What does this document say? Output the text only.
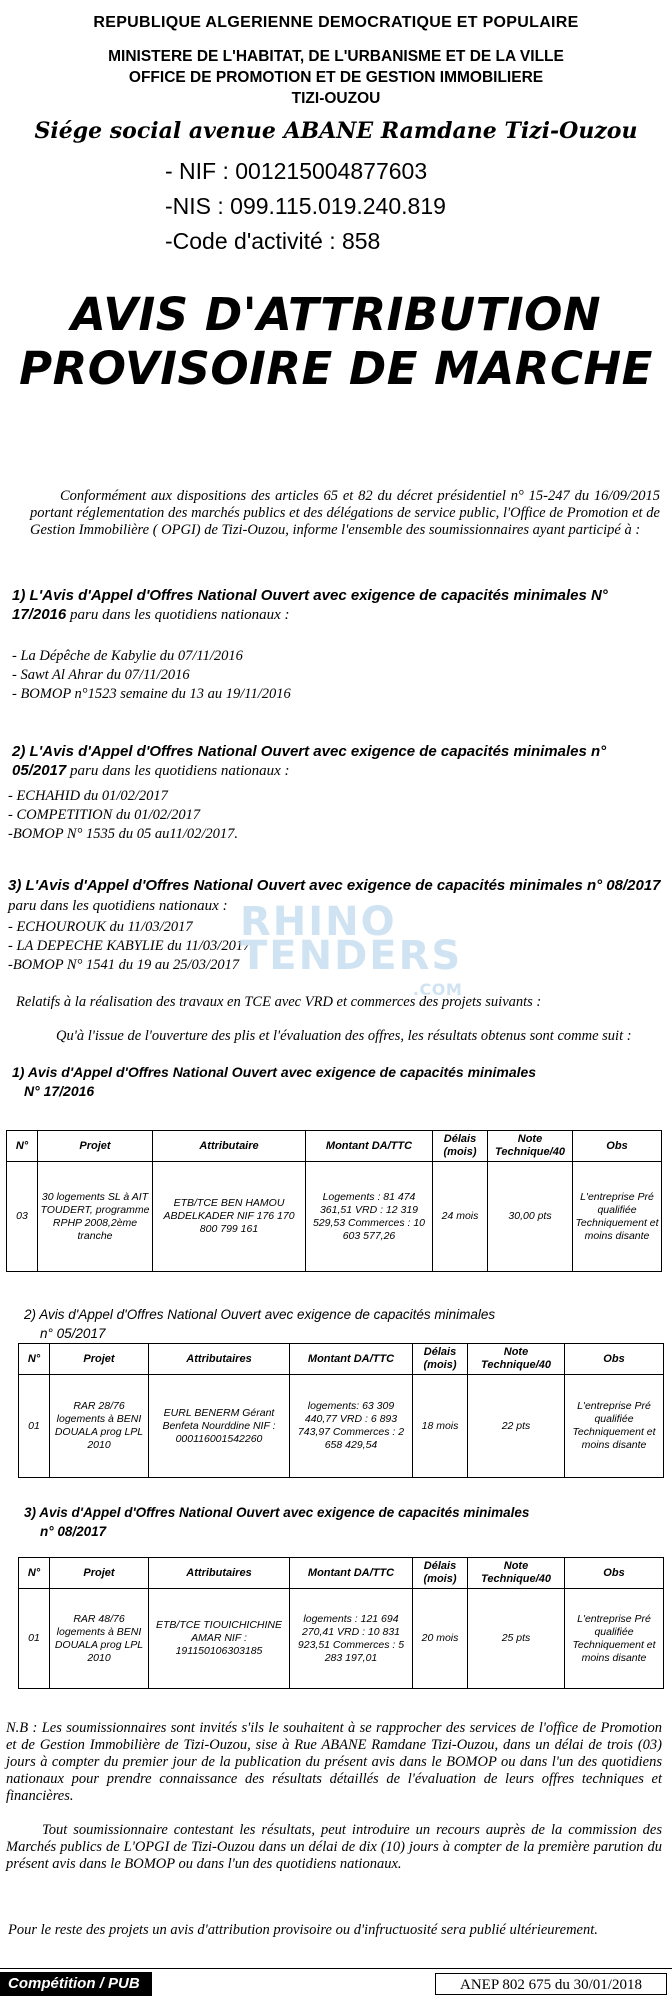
REPUBLIQUE ALGERIENNE DEMOCRATIQUE ET POPULAIRE
MINISTERE DE L'HABITAT, DE L'URBANISME ET DE LA VILLE
OFFICE DE PROMOTION ET DE GESTION IMMOBILIERE
TIZI-OUZOU
Siége social avenue ABANE Ramdane Tizi-Ouzou
- NIF : 001215004877603
-NIS : 099.115.019.240.819
-Code d'activité : 858
AVIS D'ATTRIBUTION
PROVISOIRE DE MARCHE
Conformément aux dispositions des articles 65 et 82 du décret présidentiel n° 15-247 du 16/09/2015 portant réglementation des marchés publics et des délégations de service public, l'Office de Promotion et de Gestion Immobilière ( OPGI) de Tizi-Ouzou, informe l'ensemble des soumissionnaires ayant participé à :
1) L'Avis d'Appel d'Offres National Ouvert avec exigence de capacités minimales N° 17/2016 paru dans les quotidiens nationaux :
- La Dépêche de Kabylie du 07/11/2016
- Sawt Al Ahrar du 07/11/2016
- BOMOP n°1523 semaine du 13 au 19/11/2016
2) L'Avis d'Appel d'Offres National Ouvert avec exigence de capacités minimales n° 05/2017 paru dans les quotidiens nationaux :
- ECHAHID du 01/02/2017
- COMPETITION du 01/02/2017
-BOMOP N° 1535 du 05 au11/02/2017.
3) L'Avis d'Appel d'Offres National Ouvert avec exigence de capacités minimales n° 08/2017 paru dans les quotidiens nationaux :
- ECHOUROUK du 11/03/2017
- LA DEPECHE KABYLIE du 11/03/2017
-BOMOP N° 1541 du 19 au 25/03/2017
RHINO
TENDERS
.COM
Relatifs à la réalisation des travaux en TCE avec VRD et commerces des projets suivants :
Qu'à l'issue de l'ouverture des plis et l'évaluation des offres, les résultats obtenus sont comme suit :
1) Avis d'Appel d'Offres National Ouvert avec exigence de capacités minimales
N° 17/2016
N°	Projet	Attributaire	Montant DA/TTC	Délais (mois)	Note Technique/40	Obs
03	30 logements SL à AIT TOUDERT, programme RPHP 2008,2ème tranche	ETB/TCE BEN HAMOU ABDELKADER NIF 176 170 800 799 161	Logements : 81 474 361,51 VRD : 12 319 529,53 Commerces : 10 603 577,26	24 mois	30,00 pts	L'entreprise Pré qualifiée Techniquement et moins disante
2) Avis d'Appel d'Offres National Ouvert avec exigence de capacités minimales
n° 05/2017
N°	Projet	Attributaires	Montant DA/TTC	Délais (mois)	Note Technique/40	Obs
01	RAR 28/76 logements à BENI DOUALA prog LPL 2010	EURL BENERM Gérant Benfeta Nourddine NIF : 000116001542260	logements: 63 309 440,77 VRD : 6 893 743,97 Commerces : 2 658 429,54	18 mois	22 pts	L'entreprise Pré qualifiée Techniquement et moins disante
3) Avis d'Appel d'Offres National Ouvert avec exigence de capacités minimales
n° 08/2017
N°	Projet	Attributaires	Montant DA/TTC	Délais (mois)	Note Technique/40	Obs
01	RAR 48/76 logements à BENI DOUALA prog LPL 2010	ETB/TCE TIOUICHICHINE AMAR NIF : 191150106303185	logements : 121 694 270,41 VRD : 10 831 923,51 Commerces : 5 283 197,01	20 mois	25 pts	L'entreprise Pré qualifiée Techniquement et moins disante
N.B : Les soumissionnaires sont invités s'ils le souhaitent à se rapprocher des services de l'office de Promotion et de Gestion Immobilière de Tizi-Ouzou, sise à Rue ABANE Ramdane Tizi-Ouzou, dans un délai de trois (03) jours à compter du premier jour de la publication du présent avis dans le BOMOP ou dans l'un des quotidiens nationaux pour prendre connaissance des résultats détaillés de l'évaluation de leurs offres techniques et financières.
Tout soumissionnaire contestant les résultats, peut introduire un recours auprès de la commission des Marchés publics de L'OPGI de Tizi-Ouzou dans un délai de dix (10) jours à compter de la première parution du présent avis dans le BOMOP ou dans l'un des quotidiens nationaux.
Pour le reste des projets un avis d'attribution provisoire ou d'infructuosité sera publié ultérieurement.
Compétition / PUB	ANEP 802 675 du 30/01/2018
